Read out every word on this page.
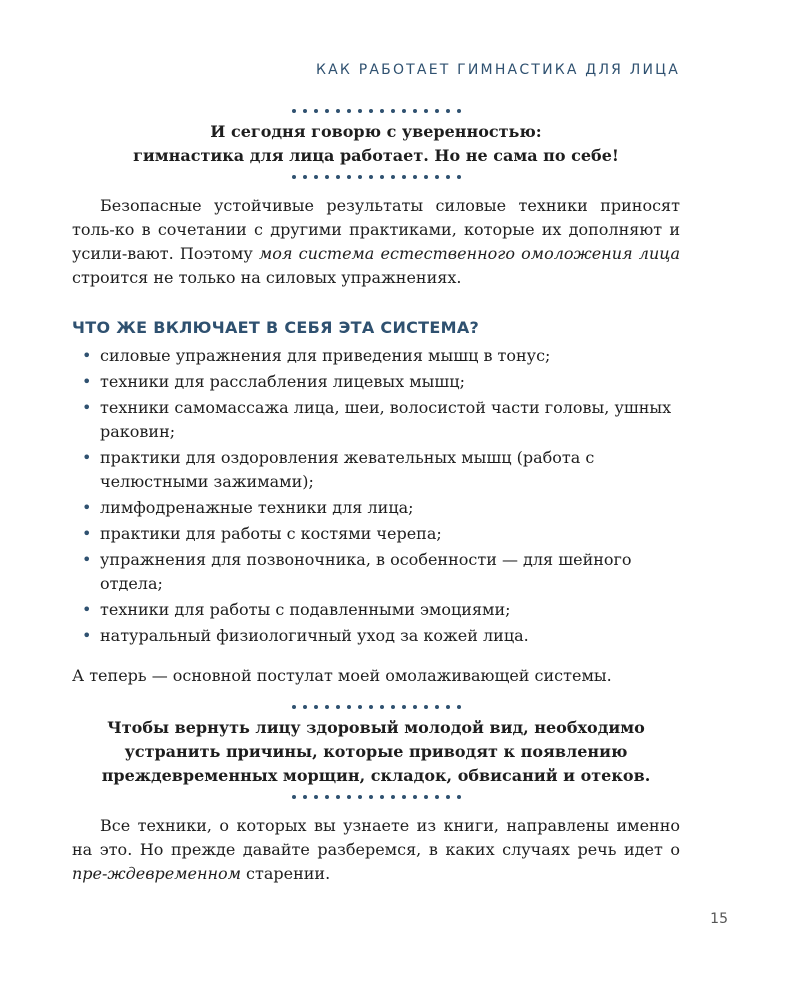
КАК РАБОТАЕТ ГИМНАСТИКА ДЛЯ ЛИЦА
И сегодня говорю с уверенностью:
гимнастика для лица работает. Но не сама по себе!

Безопасные устойчивые результаты силовые техники приносят толь-ко в сочетании с другими практиками, которые их дополняют и усили-вают. Поэтому моя система естественного омоложения лица строится не только на силовых упражнениях.

ЧТО ЖЕ ВКЛЮЧАЕТ В СЕБЯ ЭТА СИСТЕМА?
• силовые упражнения для приведения мышц в тонус;
• техники для расслабления лицевых мышц;
• техники самомассажа лица, шеи, волосистой части головы, ушных раковин;
• практики для оздоровления жевательных мышц (работа с челюстными зажимами);
• лимфодренажные техники для лица;
• практики для работы с костями черепа;
• упражнения для позвоночника, в особенности — для шейного отдела;
• техники для работы с подавленными эмоциями;
• натуральный физиологичный уход за кожей лица.

А теперь — основной постулат моей омолаживающей системы.

Чтобы вернуть лицу здоровый молодой вид, необходимо
устранить причины, которые приводят к появлению
преждевременных морщин, складок, обвисаний и отеков.

Все техники, о которых вы узнаете из книги, направлены именно на это. Но прежде давайте разберемся, в каких случаях речь идет о пре-ждевременном старении.

15
